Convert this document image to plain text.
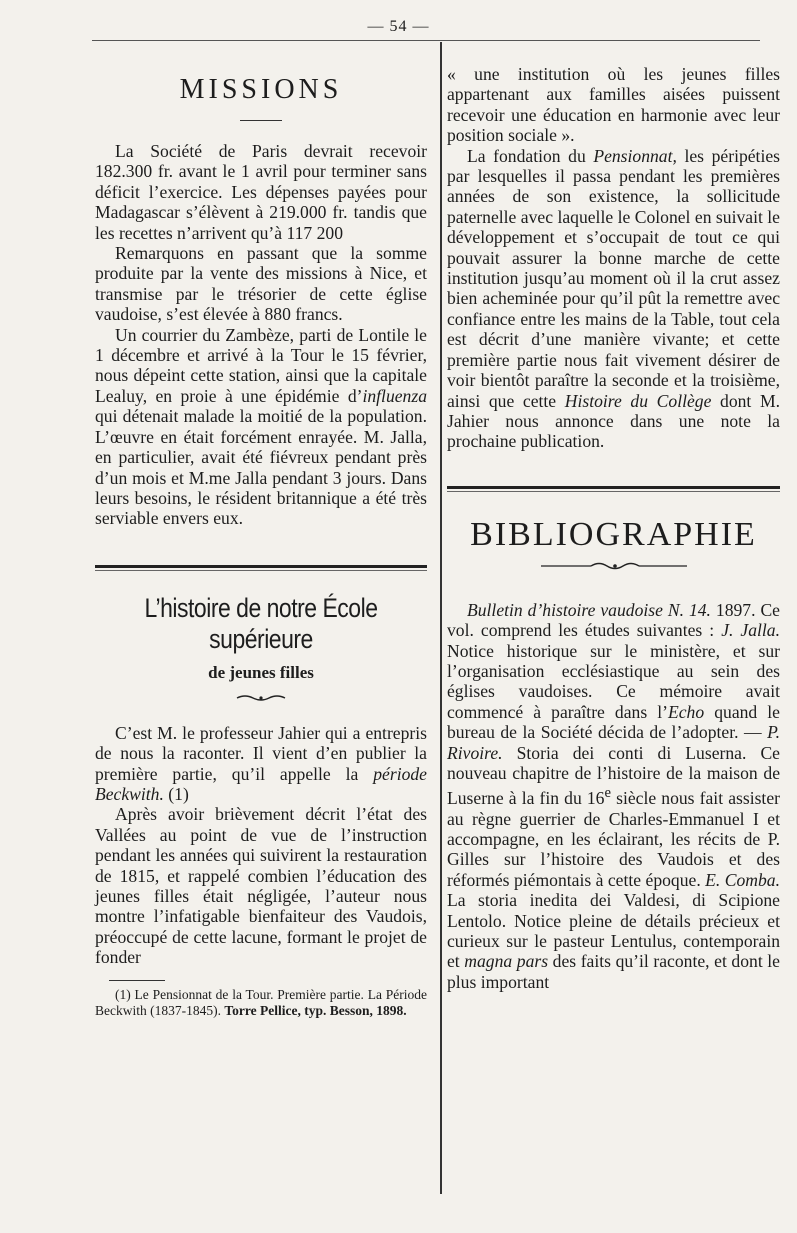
— 54 —
MISSIONS

La Société de Paris devrait recevoir 182.300 fr. avant le 1 avril pour terminer sans déficit l’exercice. Les dépenses payées pour Madagascar s’élèvent à 219.000 fr. tandis que les recettes n’arrivent qu’à 117 200

Remarquons en passant que la somme produite par la vente des missions à Nice, et transmise par le trésorier de cette église vaudoise, s’est élevée à 880 francs.

Un courrier du Zambèze, parti de Lontile le 1 décembre et arrivé à la Tour le 15 février, nous dépeint cette station, ainsi que la capitale Lealuy, en proie à une épidémie d’influenza qui détenait malade la moitié de la population. L’œuvre en était forcément enrayée. M. Jalla, en particulier, avait été fiévreux pendant près d’un mois et M.me Jalla pendant 3 jours. Dans leurs besoins, le résident britannique a été très serviable envers eux.

L’histoire de notre École supérieure
de jeunes filles

C’est M. le professeur Jahier qui a entrepris de nous la raconter. Il vient d’en publier la première partie, qu’il appelle la période Beckwith. (1)

Après avoir brièvement décrit l’état des Vallées au point de vue de l’instruction pendant les années qui suivirent la restauration de 1815, et rappelé combien l’éducation des jeunes filles était négligée, l’auteur nous montre l’infatigable bienfaiteur des Vaudois, préoccupé de cette lacune, formant le projet de fonder

(1) Le Pensionnat de la Tour. Première partie. La Période Beckwith (1837-1845). Torre Pellice, typ. Besson, 1898.

« une institution où les jeunes filles appartenant aux familles aisées puissent recevoir une éducation en harmonie avec leur position sociale ».

La fondation du Pensionnat, les péripéties par lesquelles il passa pendant les premières années de son existence, la sollicitude paternelle avec laquelle le Colonel en suivait le développement et s’occupait de tout ce qui pouvait assurer la bonne marche de cette institution jusqu’au moment où il la crut assez bien acheminée pour qu’il pût la remettre avec confiance entre les mains de la Table, tout cela est décrit d’une manière vivante; et cette première partie nous fait vivement désirer de voir bientôt paraître la seconde et la troisième, ainsi que cette Histoire du Collège dont M. Jahier nous annonce dans une note la prochaine publication.

BIBLIOGRAPHIE

Bulletin d’histoire vaudoise N. 14. 1897. Ce vol. comprend les études suivantes : J. Jalla. Notice historique sur le ministère, et sur l’organisation ecclésiastique au sein des églises vaudoises. Ce mémoire avait commencé à paraître dans l’Echo quand le bureau de la Société décida de l’adopter. — P. Rivoire. Storia dei conti di Luserna. Ce nouveau chapitre de l’histoire de la maison de Luserne à la fin du 16e siècle nous fait assister au règne guerrier de Charles-Emmanuel I et accompagne, en les éclairant, les récits de P. Gilles sur l’histoire des Vaudois et des réformés piémontais à cette époque. E. Comba. La storia inedita dei Valdesi, di Scipione Lentolo. Notice pleine de détails précieux et curieux sur le pasteur Lentulus, contemporain et magna pars des faits qu’il raconte, et dont le plus important
